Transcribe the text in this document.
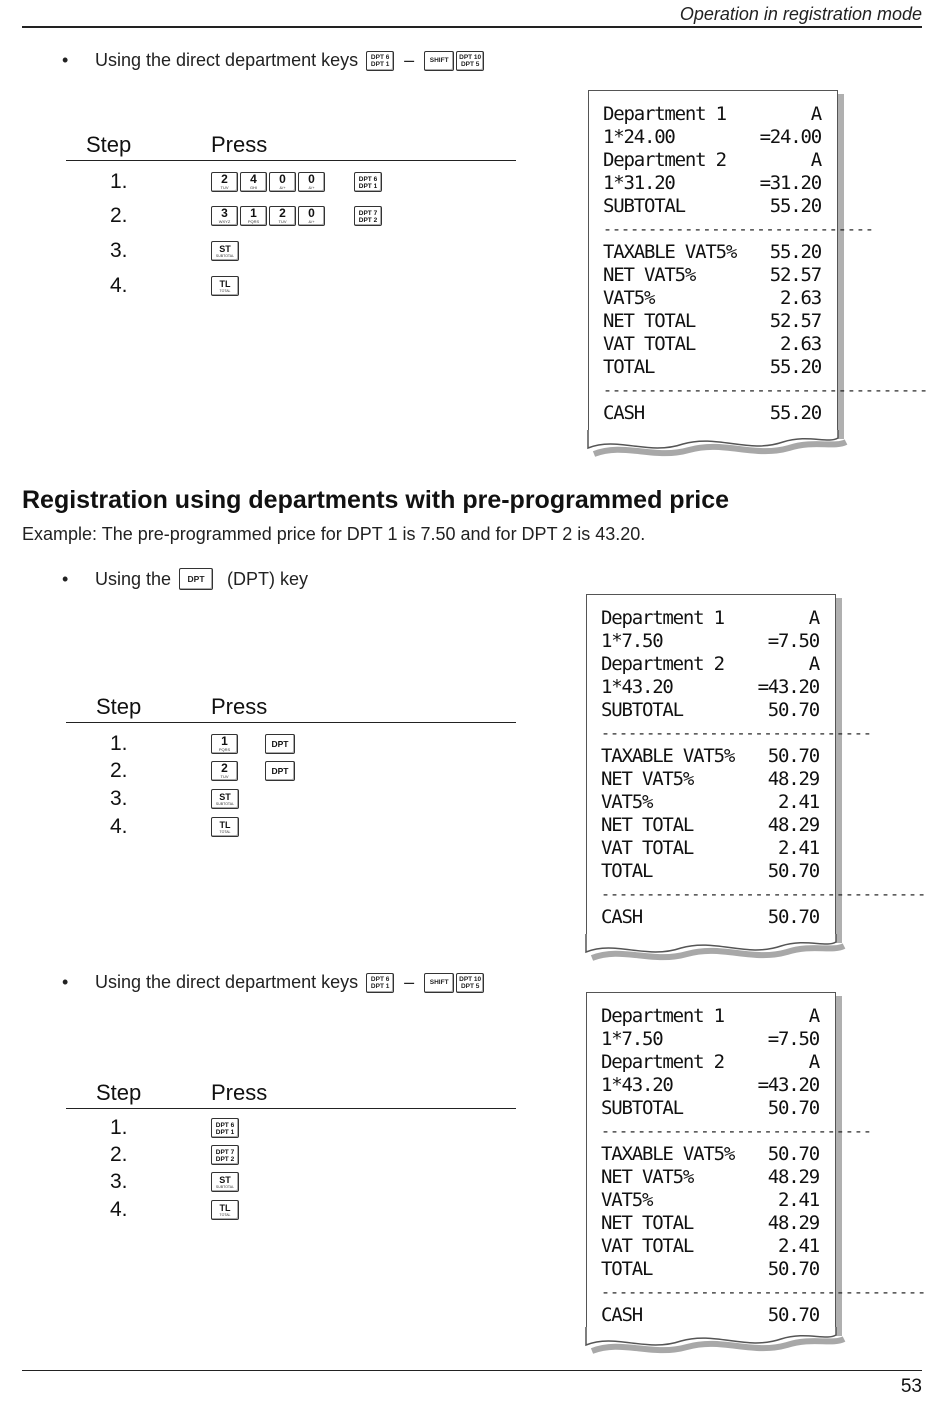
Operation in registration mode
•	Using the direct department keys DPT 6
DPT 1 – SHIFT DPT 10
DPT 5
Step	Press
1.	2
TUV
4
GHI
0
&/+
0
&/+
DPT 6
DPT 1
2.	3
WXYZ
1
PQRS
2
TUV
0
&/+
DPT 7
DPT 2
3.	ST
SUBTOTAL
4.	TL
TOTAL
Department 1	A
1*24.00	=24.00
Department 2	A
1*31.20	=31.20
SUBTOTAL	55.20
------------------------------
TAXABLE VAT5% 55.20
NET VAT5%	52.57
VAT5%	2.63
NET TOTAL	52.57
VAT TOTAL	2.63
TOTAL	55.20
------------------------------------
CASH	55.20
Registration using departments with pre-programmed price
Example: The pre-programmed price for DPT 1 is 7.50 and for DPT 2 is 43.20.
•	Using the DPT (DPT) key
Step	Press
1.	1
PQRS
DPT
2.	2
TUV
DPT
3.	ST
SUBTOTAL
4.	TL
TOTAL
Department 1	A
1*7.50	=7.50
Department 2	A
1*43.20	=43.20
SUBTOTAL	50.70
------------------------------
TAXABLE VAT5% 50.70
NET VAT5%	48.29
VAT5%	2.41
NET TOTAL	48.29
VAT TOTAL	2.41
TOTAL	50.70
------------------------------------
CASH	50.70
•	Using the direct department keys DPT 6
DPT 1 – SHIFT DPT 10
DPT 5
Step	Press
1.	DPT 6
DPT 1
2.	DPT 7
DPT 2
3.	ST
SUBTOTAL
4.	TL
TOTAL
Department 1	A
1*7.50	=7.50
Department 2	A
1*43.20	=43.20
SUBTOTAL	50.70
------------------------------
TAXABLE VAT5% 50.70
NET VAT5%	48.29
VAT5%	2.41
NET TOTAL	48.29
VAT TOTAL	2.41
TOTAL	50.70
------------------------------------
CASH	50.70
53
